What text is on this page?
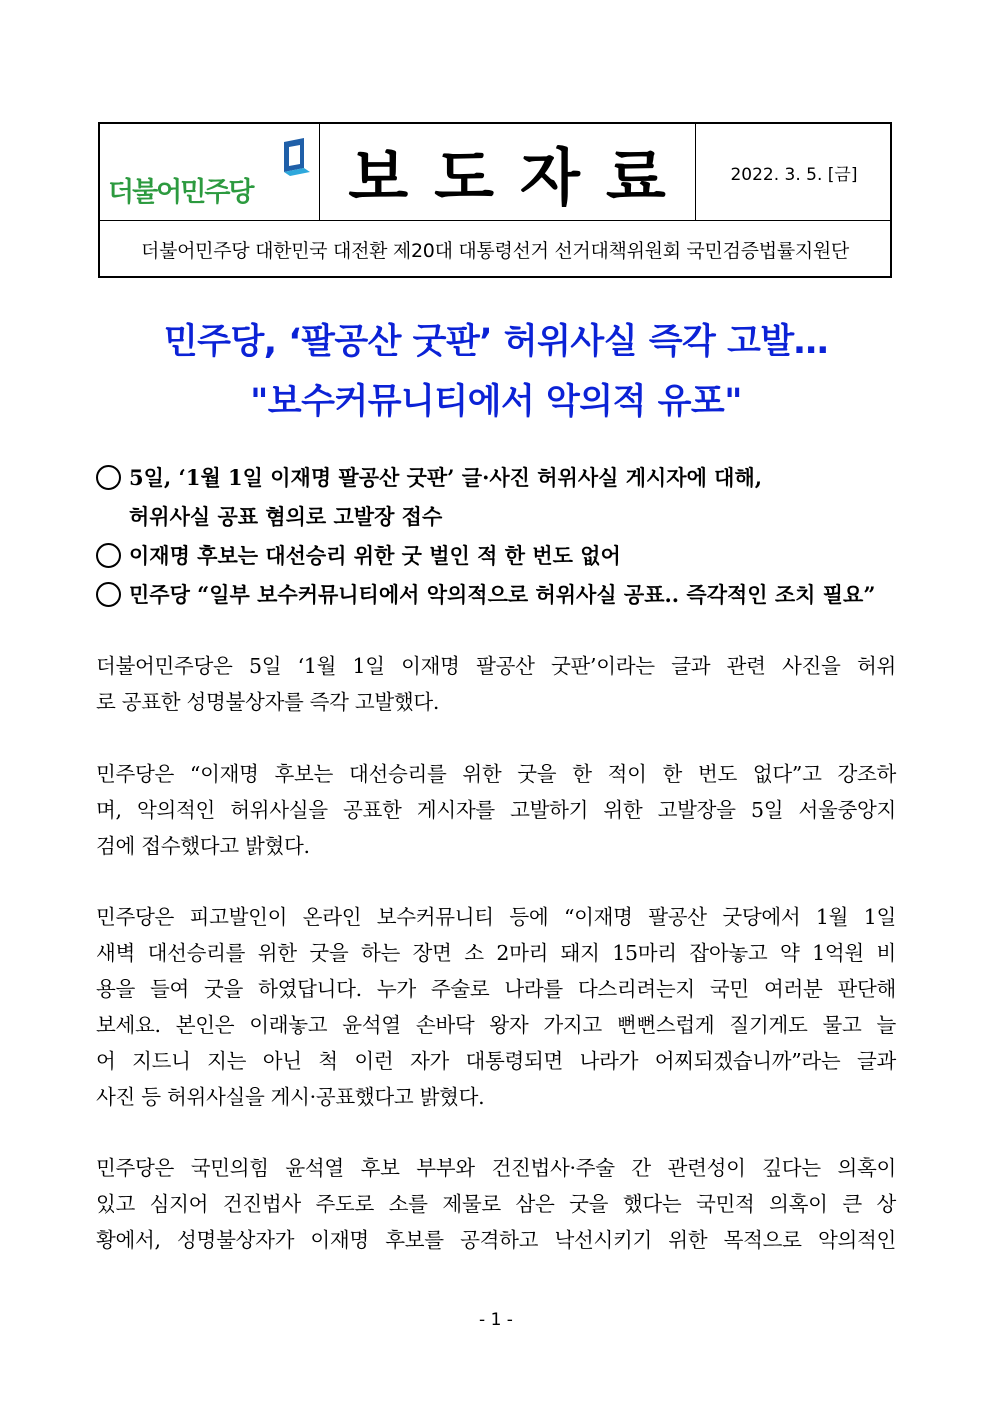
더불어민주당 보도자료 2022. 3. 5. [금]
더불어민주당 대한민국 대전환 제20대 대통령선거 선거대책위원회 국민검증법률지원단
민주당, ‘팔공산 굿판’ 허위사실 즉각 고발…
"보수커뮤니티에서 악의적 유포"
5일, ‘1월 1일 이재명 팔공산 굿판’ 글·사진 허위사실 게시자에 대해,
허위사실 공표 혐의로 고발장 접수
이재명 후보는 대선승리 위한 굿 벌인 적 한 번도 없어
민주당 “일부 보수커뮤니티에서 악의적으로 허위사실 공표.. 즉각적인 조치 필요”
더불어민주당은 5일 ‘1월 1일 이재명 팔공산 굿판’이라는 글과 관련 사진을 허위
로 공표한 성명불상자를 즉각 고발했다.
민주당은 “이재명 후보는 대선승리를 위한 굿을 한 적이 한 번도 없다”고 강조하
며, 악의적인 허위사실을 공표한 게시자를 고발하기 위한 고발장을 5일 서울중앙지
검에 접수했다고 밝혔다.
민주당은 피고발인이 온라인 보수커뮤니티 등에 “이재명 팔공산 굿당에서 1월 1일
새벽 대선승리를 위한 굿을 하는 장면 소 2마리 돼지 15마리 잡아놓고 약 1억원 비
용을 들여 굿을 하였답니다. 누가 주술로 나라를 다스리려는지 국민 여러분 판단해
보세요. 본인은 이래놓고 윤석열 손바닥 왕자 가지고 뻔뻔스럽게 질기게도 물고 늘
어 지드니 지는 아닌 척 이런 자가 대통령되면 나라가 어찌되겠습니까”라는 글과
사진 등 허위사실을 게시·공표했다고 밝혔다.
민주당은 국민의힘 윤석열 후보 부부와 건진법사·주술 간 관련성이 깊다는 의혹이
있고 심지어 건진법사 주도로 소를 제물로 삼은 굿을 했다는 국민적 의혹이 큰 상
황에서, 성명불상자가 이재명 후보를 공격하고 낙선시키기 위한 목적으로 악의적인
- 1 -
